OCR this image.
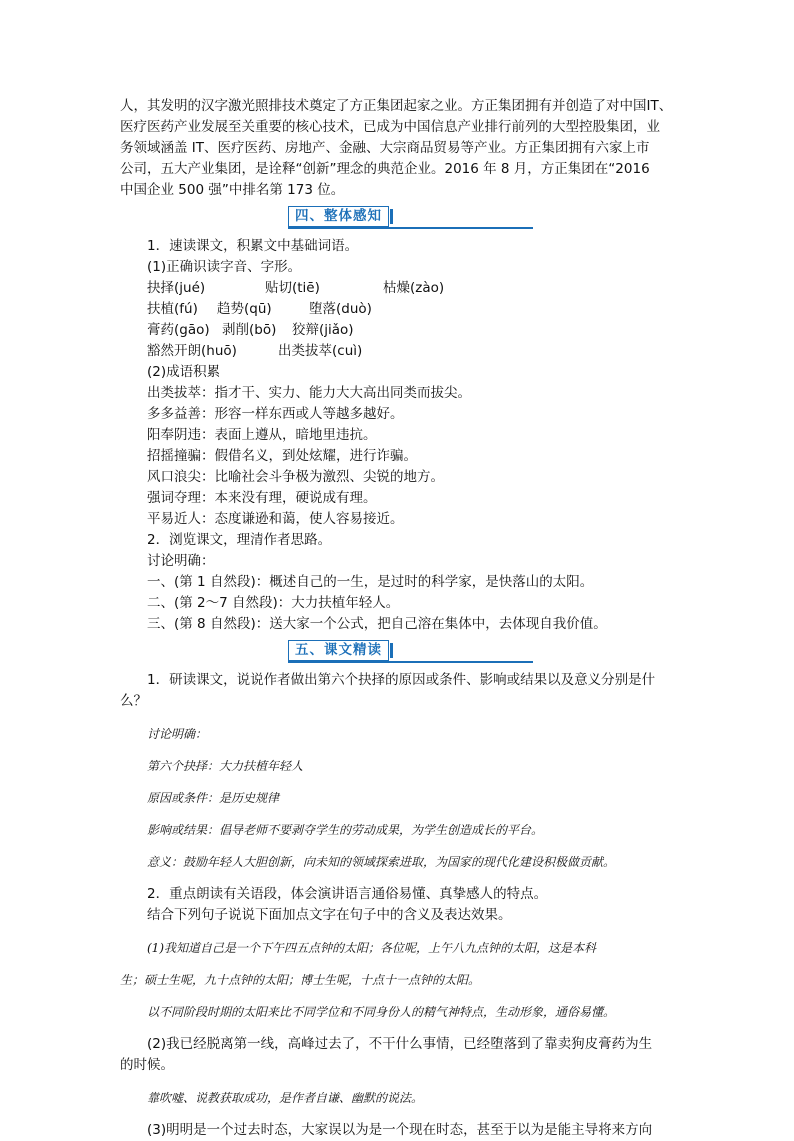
人，其发明的汉字激光照排技术奠定了方正集团起家之业。方正集团拥有并创造了对中国IT、

医疗医药产业发展至关重要的核心技术，已成为中国信息产业排行前列的大型控股集团，业

务领域涵盖 IT、医疗医药、房地产、金融、大宗商品贸易等产业。方正集团拥有六家上市

公司，五大产业集团，是诠释“创新”理念的典范企业。2016 年 8 月，方正集团在“2016

中国企业 500 强”中排名第 173 位。

四、整体感知

1．速读课文，积累文中基础词语。

(1)正确识读字音、字形。

抉择(jué)	贴切(tiē)	枯燥(zào)

扶植(fú) 趋势(qū)	堕落(duò)

膏药(gāo) 剥削(bō) 狡辩(jiǎo)

豁然开朗(huō)	出类拔萃(cuì)

(2)成语积累

出类拔萃：指才干、实力、能力大大高出同类而拔尖。

多多益善：形容一样东西或人等越多越好。

阳奉阴违：表面上遵从，暗地里违抗。

招摇撞骗：假借名义，到处炫耀，进行诈骗。

风口浪尖：比喻社会斗争极为激烈、尖锐的地方。

强词夺理：本来没有理，硬说成有理。

平易近人：态度谦逊和蔼，使人容易接近。

2．浏览课文，理清作者思路。

讨论明确：

一、(第 1 自然段)：概述自己的一生，是过时的科学家，是快落山的太阳。

二、(第 2～7 自然段)：大力扶植年轻人。

三、(第 8 自然段)：送大家一个公式，把自己溶在集体中，去体现自我价值。

五、课文精读

1．研读课文，说说作者做出第六个抉择的原因或条件、影响或结果以及意义分别是什

么？

讨论明确：

第六个抉择：大力扶植年轻人

原因或条件：是历史规律

影响或结果：倡导老师不要剥夺学生的劳动成果，为学生创造成长的平台。

意义：鼓励年轻人大胆创新，向未知的领域探索进取，为国家的现代化建设积极做贡献。

2．重点朗读有关语段，体会演讲语言通俗易懂、真挚感人的特点。

结合下列句子说说下面加点文字在句子中的含义及表达效果。

(1)我知道自己是一个下午四五点钟的太阳；各位呢，上午八九点钟的太阳，这是本科

生；硕士生呢，九十点钟的太阳；博士生呢，十点十一点钟的太阳。

以不同阶段时期的太阳来比不同学位和不同身份人的精气神特点，生动形象，通俗易懂。

(2)我已经脱离第一线，高峰过去了，不干什么事情，已经堕落到了靠卖狗皮膏药为生

的时候。

靠吹嘘、说教获取成功，是作者自谦、幽默的说法。

(3)明明是一个过去时态，大家误以为是一个现在时态，甚至于以为是能主导将来方向
